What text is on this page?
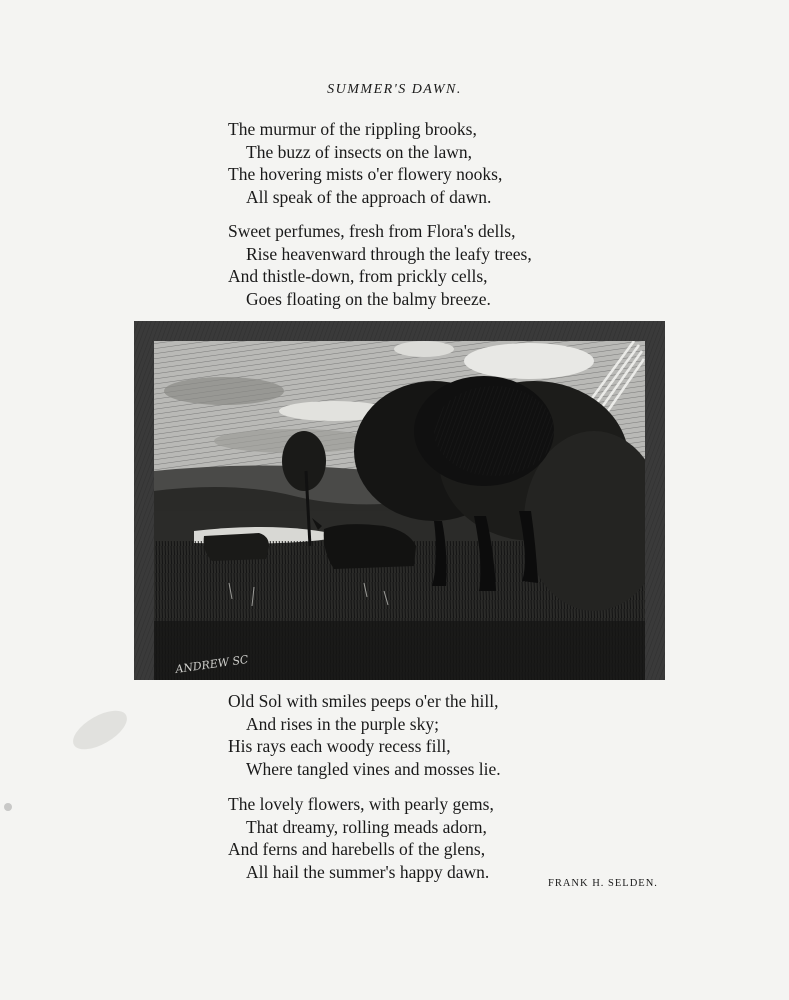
SUMMER'S DAWN.
The murmur of the rippling brooks,
The buzz of insects on the lawn,
The hovering mists o'er flowery nooks,
All speak of the approach of dawn.
Sweet perfumes, fresh from Flora's dells,
Rise heavenward through the leafy trees,
And thistle-down, from prickly cells,
Goes floating on the balmy breeze.
ANDREW SC
Old Sol with smiles peeps o'er the hill,
And rises in the purple sky;
His rays each woody recess fill,
Where tangled vines and mosses lie.
The lovely flowers, with pearly gems,
That dreamy, rolling meads adorn,
And ferns and harebells of the glens,
All hail the summer's happy dawn.
FRANK H. SELDEN.
